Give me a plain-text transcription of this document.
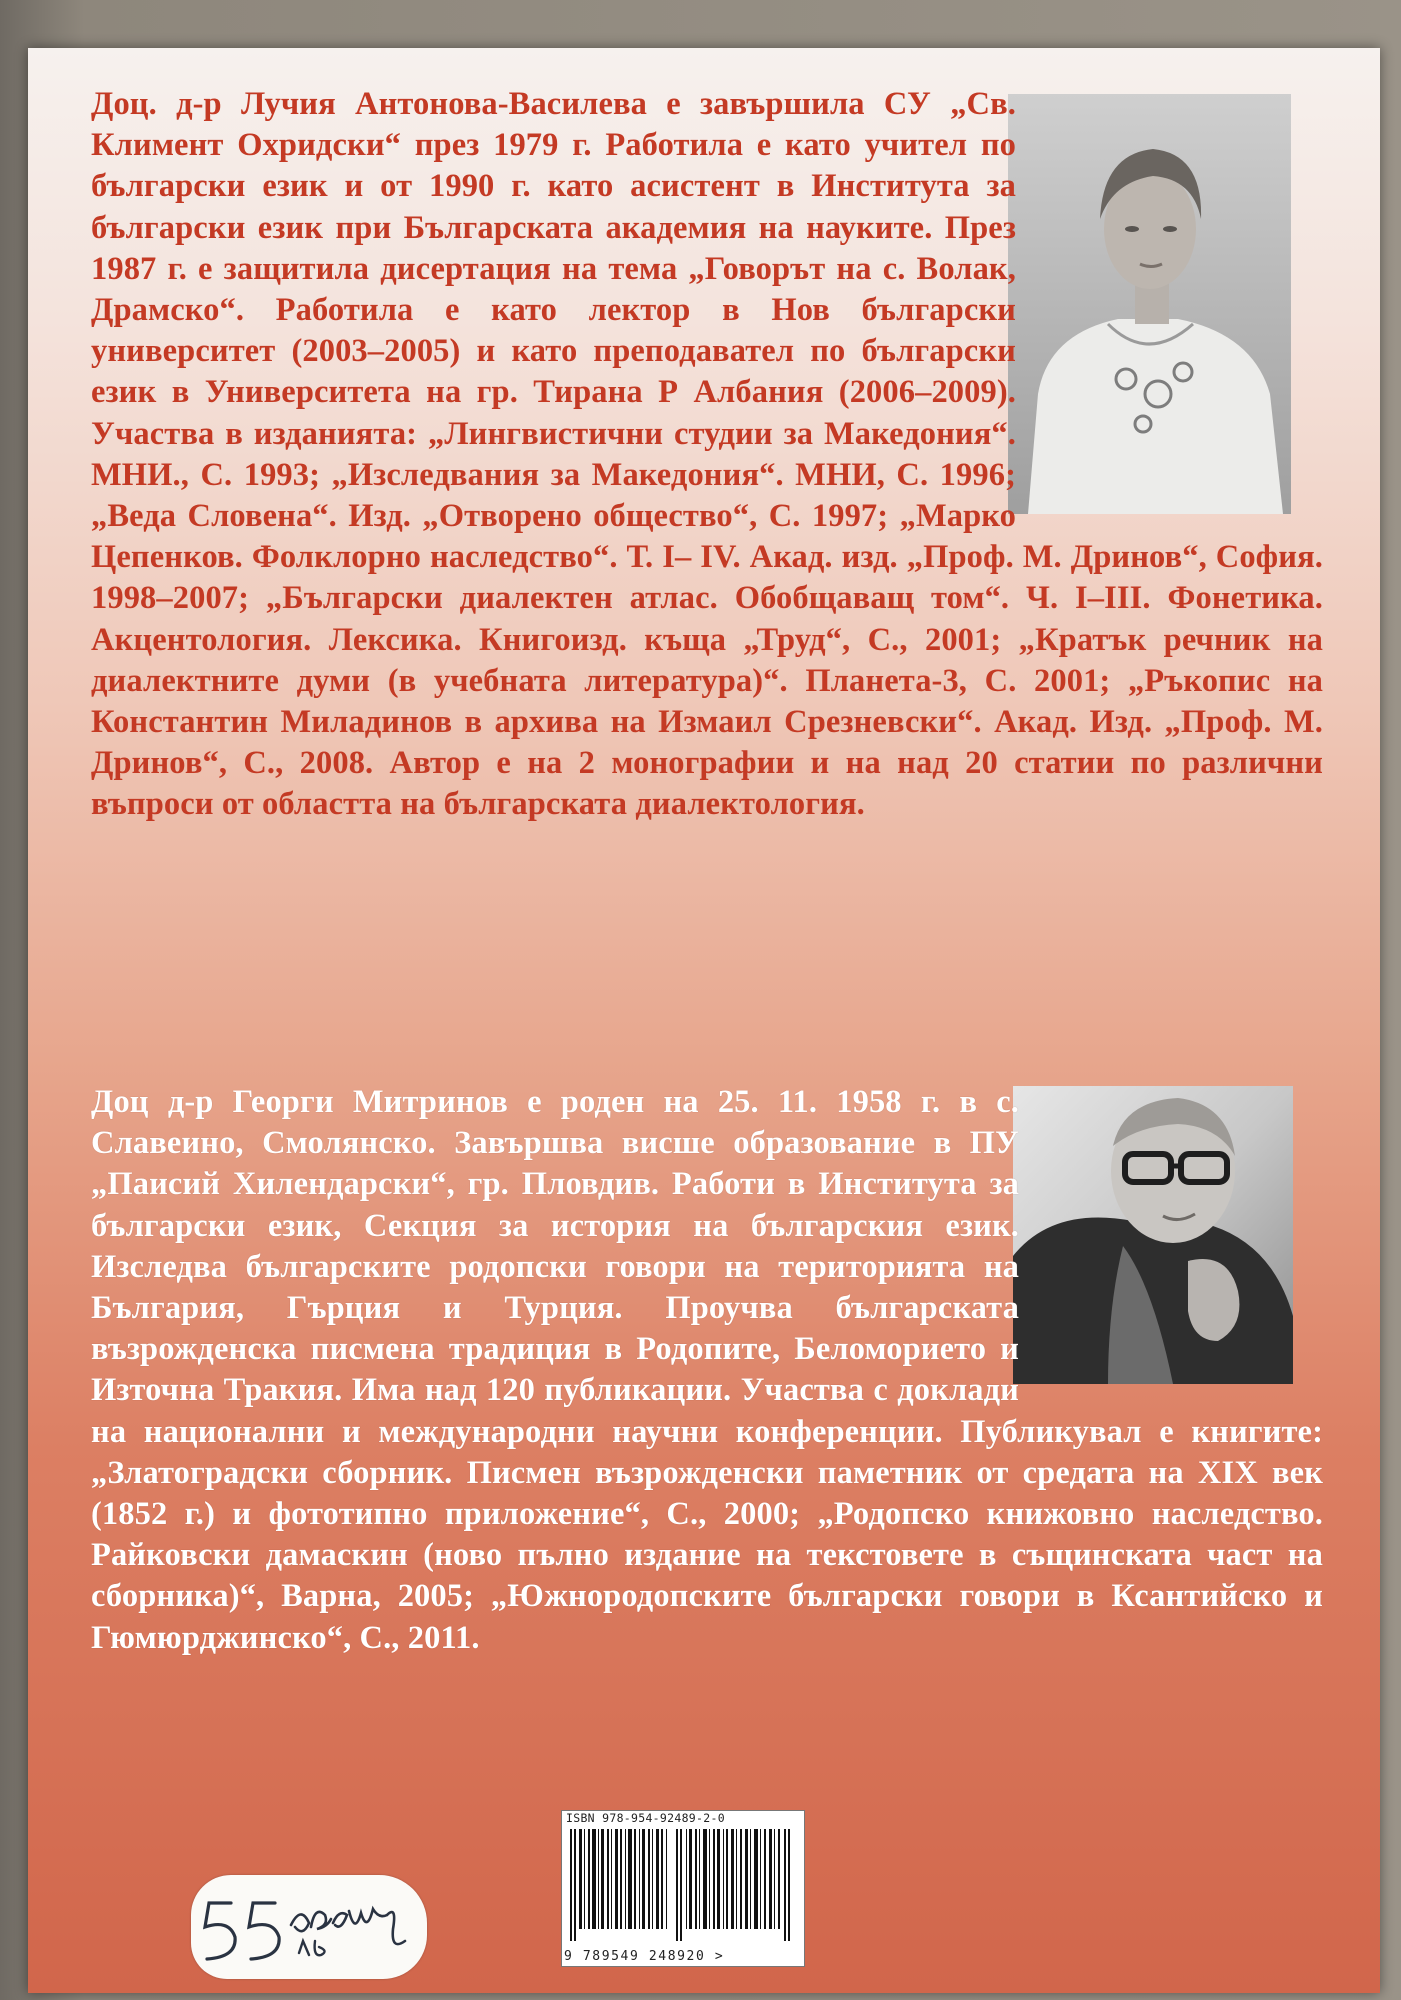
Доц. д-р Лучия Антонова-Василева е завършила СУ „Св. Климент Охридски“ през 1979 г. Работила е като учител по български език и от 1990 г. като асистент в Института за български език при Българската академия на науките. През 1987 г. е защитила дисертация на тема „Говорът на с. Волак, Драмско“. Работила е като лектор в Нов български университет (2003–2005) и като преподавател по български език в Университета на гр. Тирана Р Албания (2006–2009). Участва в изданията: „Лингвистични студии за Македония“. МНИ., С. 1993; „Изследвания за Македония“. МНИ, С. 1996; „Веда Словена“. Изд. „Отворено общество“, С. 1997; „Марко Цепенков. Фолклорно наследство“. Т. I– IV. Акад. изд. „Проф. М. Дринов“, София. 1998–2007; „Български диалектен атлас. Обобщаващ том“. Ч. I–III. Фонетика. Акцентология. Лексика. Книгоизд. къща „Труд“, С., 2001; „Кратък речник на диалектните думи (в учебната литература)“. Планета-3, С. 2001; „Ръкопис на Константин Миладинов в архива на Измаил Срезневски“. Акад. Изд. „Проф. М. Дринов“, С., 2008. Автор е на 2 монографии и на над 20 статии по различни въпроси от областта на българската диалектология.

Доц д-р Георги Митринов е роден на 25. 11. 1958 г. в с. Славеино, Смолянско. Завършва висше образование в ПУ „Паисий Хилендарски“, гр. Пловдив. Работи в Института за български език, Секция за история на българския език. Изследва българските родопски говори на територията на България, Гърция и Турция. Проучва българската възрожденска писмена традиция в Родопите, Беломорието и Източна Тракия. Има над 120 публикации. Участва с доклади на национални и международни научни конференции. Публикувал е книгите: „Златоградски сборник. Писмен възрожденски паметник от средата на XIX век (1852 г.) и фототипно приложение“, С., 2000; „Родопско книжовно наследство. Райковски дамаскин (ново пълно издание на текстовете в същинската част на сборника)“, Варна, 2005; „Южнородопските български говори в Ксантийско и Гюмюрджинско“, С., 2011.

ISBN 978-954-92489-2-0
9 789549 248920 >
